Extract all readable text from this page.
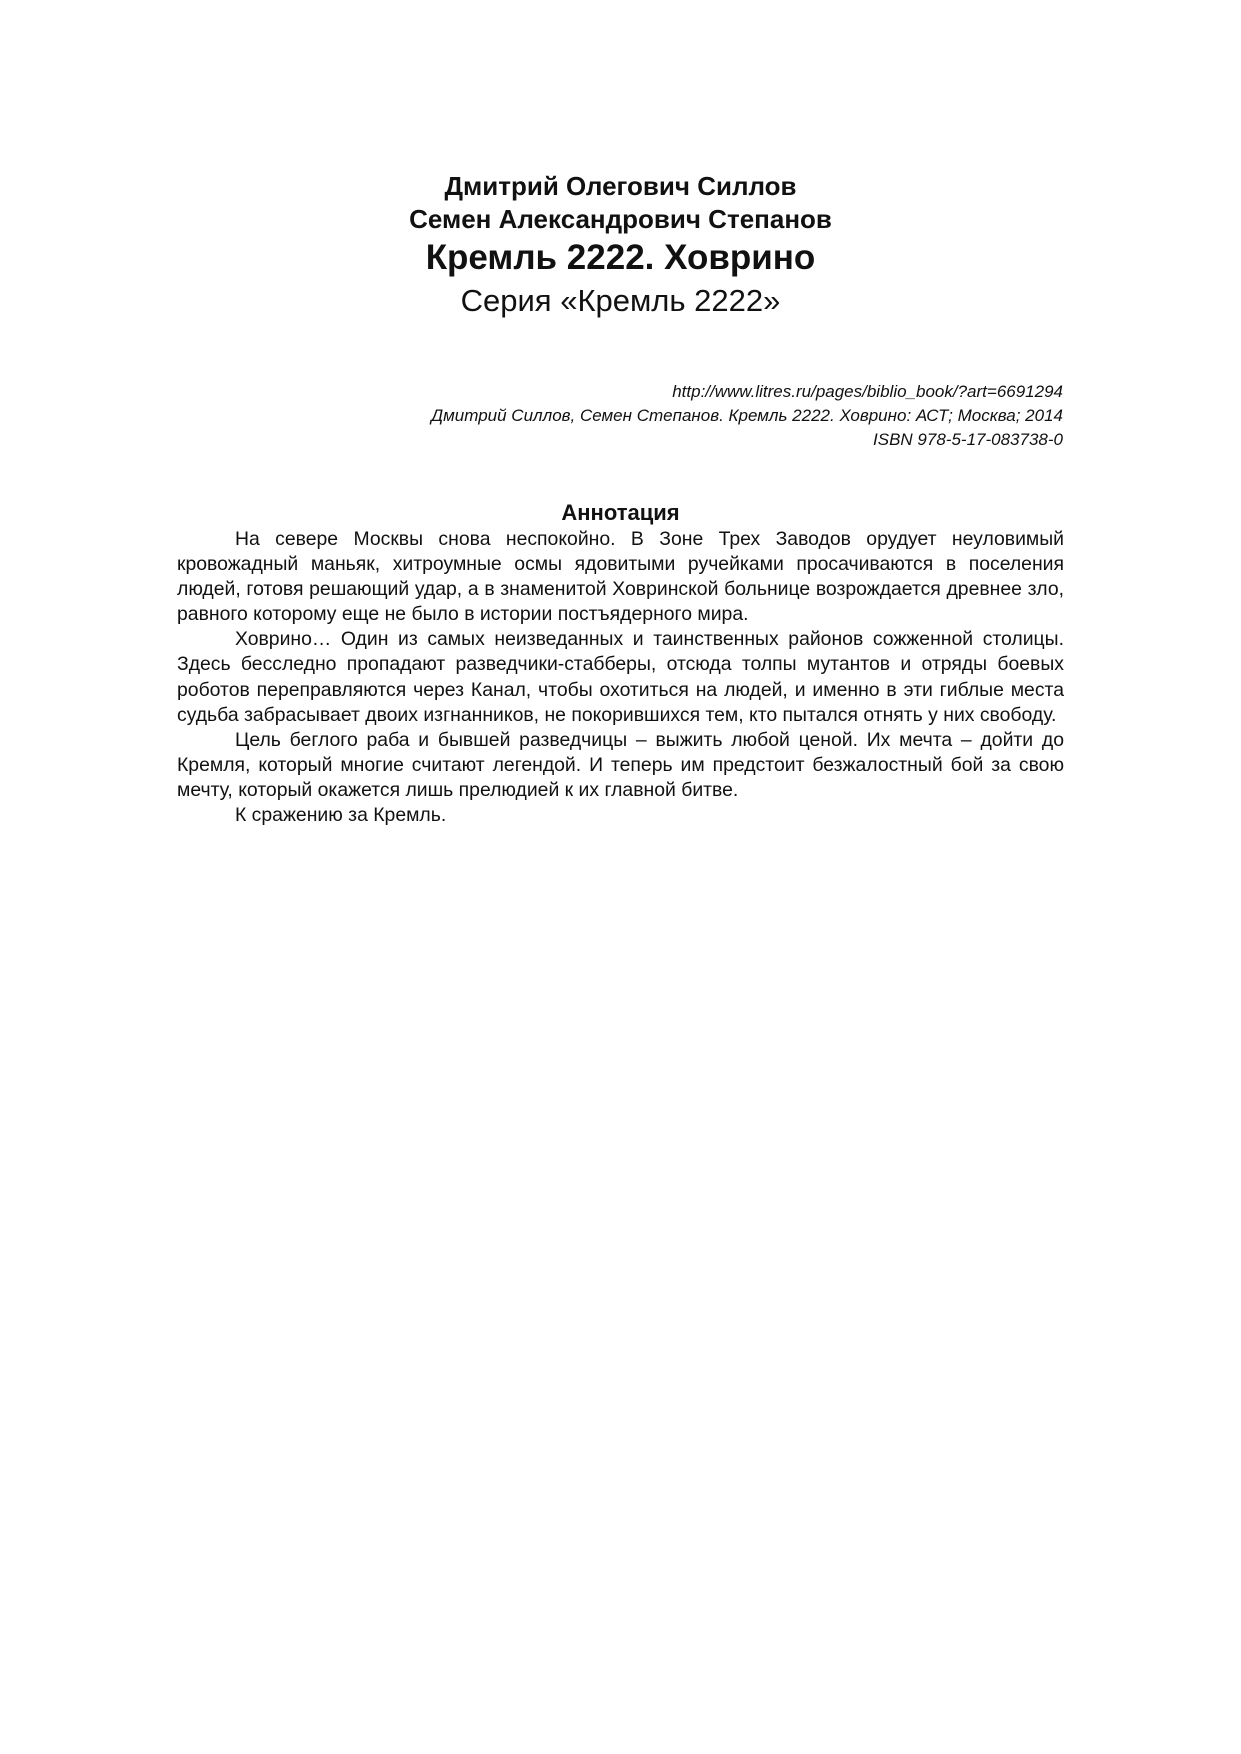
Дмитрий Олегович Силлов

Семен Александрович Степанов

Кремль 2222. Ховрино

Серия «Кремль 2222»

http://www.litres.ru/pages/biblio_book/?art=6691294
Дмитрий Силлов, Семен Степанов. Кремль 2222. Ховрино: АСТ; Москва; 2014
ISBN 978-5-17-083738-0
Аннотация

На севере Москвы снова неспокойно. В Зоне Трех Заводов орудует неуловимый кровожадный маньяк, хитроумные осмы ядовитыми ручейками просачиваются в поселения людей, готовя решающий удар, а в знаменитой Ховринской больнице возрождается древнее зло, равного которому еще не было в истории постъядерного мира.

Ховрино… Один из самых неизведанных и таинственных районов сожженной столицы. Здесь бесследно пропадают разведчики-стабберы, отсюда толпы мутантов и отряды боевых роботов переправляются через Канал, чтобы охотиться на людей, и именно в эти гиблые места судьба забрасывает двоих изгнанников, не покорившихся тем, кто пытался отнять у них свободу.

Цель беглого раба и бывшей разведчицы – выжить любой ценой. Их мечта – дойти до Кремля, который многие считают легендой. И теперь им предстоит безжалостный бой за свою мечту, который окажется лишь прелюдией к их главной битве.

К сражению за Кремль.
